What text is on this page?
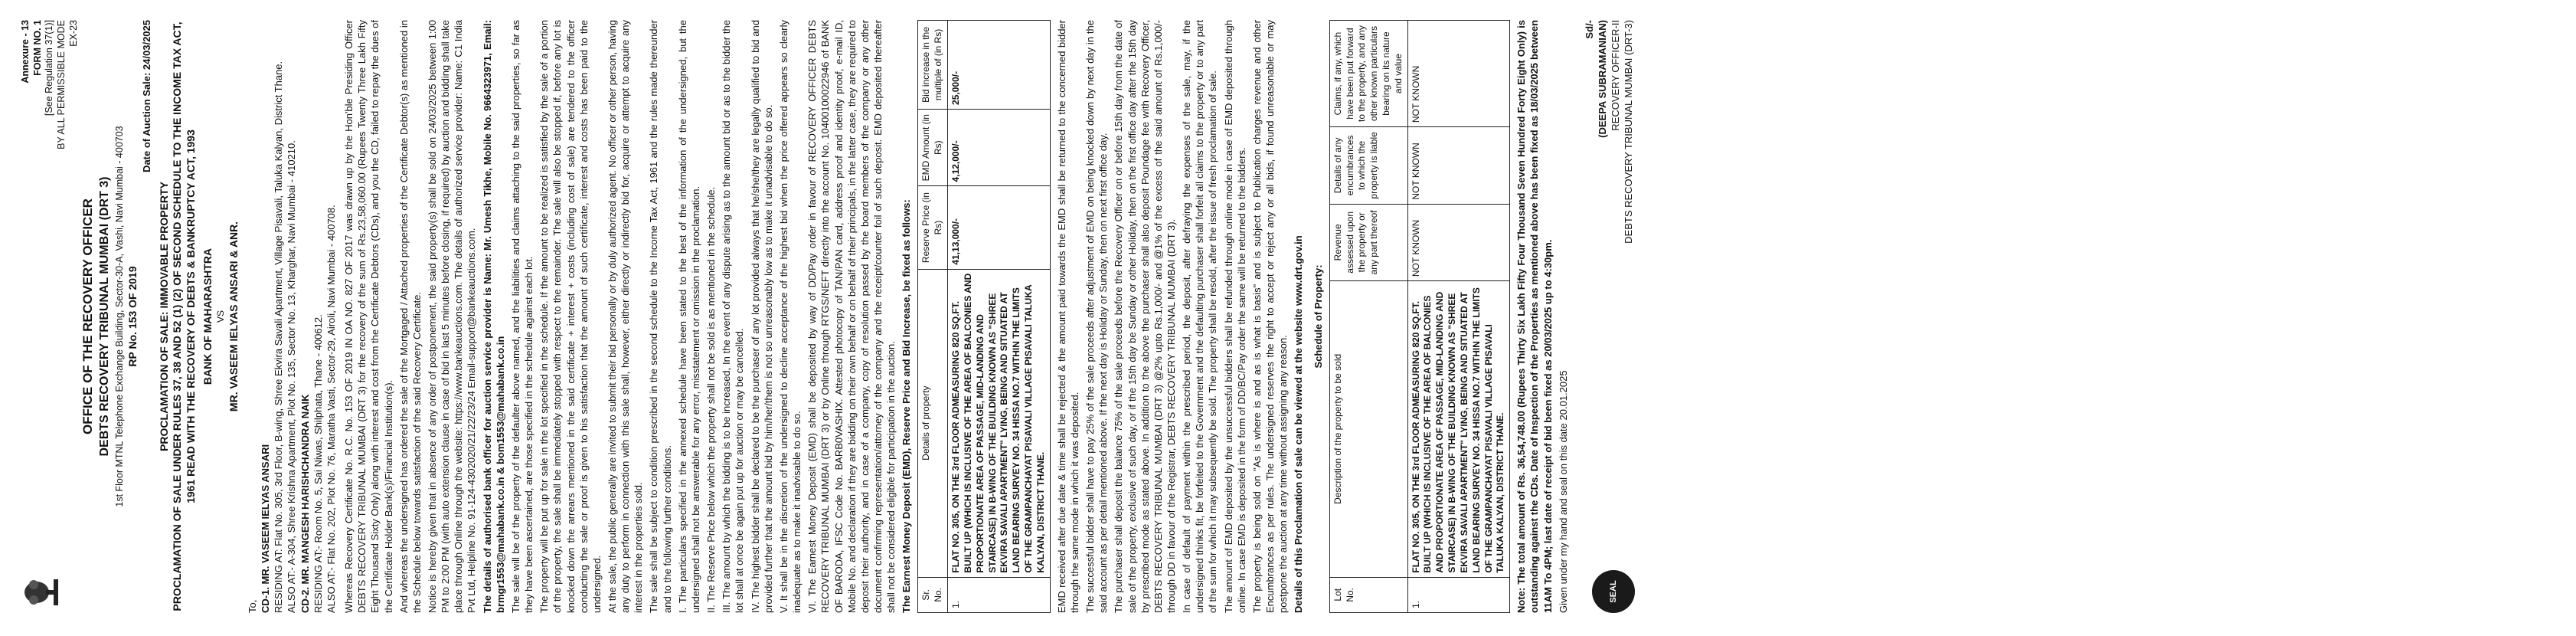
Annexure - 13 FORM NO. 1 [See Regulation 37(1)] BY ALL PERMISSIBLE MODE EX-23
OFFICE OF THE RECOVERY OFFICER DEBTS RECOVERY TRIBUNAL MUMBAI (DRT 3) 1st Floor MTNL Telephone Exchange Building, Sector-30-A, Vashi, Navi Mumbai - 400703 RP No. 153 OF 2019
Date of Auction Sale: 24/03/2025
PROCLAMATION OF SALE: IMMOVABLE PROPERTY
PROCLAMATION OF SALE UNDER RULES 37, 38 AND 52 (1) (2) OF SECOND SCHEDULE TO THE INCOME TAX ACT, 1961 READ WITH THE RECOVERY OF DEBTS & BANKRUPTCY ACT, 1993
BANK OF MAHARASHTRA VS MR. VASEEM IELYAS ANSARI & ANR.
To, CD-1. MR. VASEEM IELYAS ANSARI RESIDING AT: Flat No. 305, 3rd Floor, B-wing, Shree Ekvira Savali Apartment, Village Pisavali, Taluka Kalyan, District Thane. ALSO AT:- A-304, Shree Krishna Apartment, Plot No. 135, Sector No. 13, Kharghar, Navi Mumbai - 410210. CD-2. MR. MANGESH HARISHCHANDRA NAIK RESIDING AT:- Room No. 5, Sai Niwas, Shilphata, Thane - 400612. ALSO AT:- Flat No. 202, Plot No. 76, Maratha Vasti, Sector-29, Airoli, Navi Mumbai - 400708. Whereas Recovery Certificate No. R.C. No. 153 OF 2019 IN OA NO. 827 OF 2017 was drawn up by the Hon'ble Presiding Officer DEBTS RECOVERY TRIBUNAL MUMBAI (DRT 3) for the recovery of the sum of Rs.23,58,060.00 (Rupees Twenty Three Lakh Fifty Eight Thousand Sixty Only) along with interest and cost from the Certificate Debtors (CDs), and you the CD, failed to repay the dues of the Certificate Holder Bank(s)/Financial Institution(s). And whereas the undersigned has ordered the sale of the Mortgaged / Attached properties of the Certificate Debtor(s) as mentioned in the Schedule below towards satisfaction of the said Recovery Certificate. Notice is hereby given that in absence of any order of postponement, the said property(s) shall be sold on 24/03/2025 between 1:00 PM to 2:00 PM (with auto extension clause in case of bid in last 5 minutes before closing, if required) by auction and bidding shall take place through Online through the website: https://www.bankeauctions.com. The details of authorized service provider: Name: C1 India Pvt Ltd, Helpline No. 91-124-4302020/21/22/23/24 Email-support@bankeauctions.com. The details of authorised bank officer for auction service provider is Name: Mr. Umesh Tikhe, Mobile No. 9664323971, Email: brmgr1553@mahabank.co.in & bom1553@mahabank.co.in The sale will be of the property of the defaulter above named, and the liabilities and claims attaching to the said properties, so far as they have been ascertained, are those specified in the schedule against each lot. The property will be put up for sale in the lot specified in the schedule. If the amount to be realized is satisfied by the sale of a portion of the property, the sale shall be immediately stopped with respect to the remainder. The sale will also be stopped if, before any lot is knocked down the arrears mentioned in the said certificate + interest + costs (including cost of sale) are tendered to the officer conducting the sale or proof is given to his satisfaction that the amount of such certificate, interest and costs has been paid to the undersigned. At the sale, the public generally are invited to submit their bid personally or by duly authorized agent. No officer or other person, having any duty to perform in connection with this sale shall, however, either directly or indirectly bid for, acquire or attempt to acquire any interest in the properties sold. The sale shall be subject to condition prescribed in the second schedule to the Income Tax Act, 1961 and the rules made thereunder and to the following further conditions. I. The particulars specified in the annexed schedule have been stated to the best of the information of the undersigned, but the undersigned shall not be answerable for any error, misstatement or omission in the proclamation. II. The Reserve Price below which the property shall not be sold is as mentioned in the schedule. III. The amount by which the bidding is to be increased, In the event of any dispute arising as to the amount bid or as to the bidder the lot shall at once be again put up for auction or may be cancelled. IV. The highest bidder shall be declared to be the purchaser of any lot provided always that he/she/they are legally qualified to bid and provided further that the amount bid by him/her/them is not so unreasonably low as to make it unadvisable to do so. V. It shall be in the discretion of the undersigned to decline acceptance of the highest bid when the price offered appears so clearly inadequate as to make it inadvisable to do so. VI. The Earnest Money Deposit (EMD) shall be deposited by way of DD/Pay order in favour of RECOVERY OFFICER DEBTS RECOVERY TRIBUNAL MUMBAI (DRT 3) or by Online through RTGS/NEFT directly into the account No. 10400100022946 of BANK OF BARODA, IFSC Code No. BARB0VASHIX. Attested photocopy of TAN/PAN card, address proof and identity proof, e-mail ID, Mobile No. and declaration if they are bidding on their own behalf or on behalf of their principals, in the latter case, they are required to deposit their authority, and in case of a company, copy of resolution passed by the board members of the company or any other document confirming representation/attorney of the company and the receipt/counter foil of such deposit. EMD deposited thereafter shall not be considered eligible for participation in the auction. The Earnest Money Deposit (EMD), Reserve Price and Bid Increase, be fixed as follows: Sr. No.	Details of property	Reserve Price (in Rs)	EMD Amount (in Rs)	Bid increase in the multiple of (in Rs)
1.	FLAT NO. 305, ON THE 3rd FLOOR ADMEASURING 820 SQ.FT. BUILT UP (WHICH IS INCLUSIVE OF THE AREA OF BALCONIES AND PROPORTIONATE AREA OF PASSAGE, MID-LANDING AND STAIRCASE) IN B-WING OF THE BUILDING KNOWN AS "SHREE EKVIRA SAVALI APARTMENT" LYING, BEING AND SITUATED AT LAND BEARING SURVEY NO. 34 HISSA NO.7 WITHIN THE LIMITS OF THE GRAMPANCHAYAT PISAVALI VILLAGE PISAVALI TALUKA KALYAN, DISTRICT THANE.	41,13,000/-	4,12,000/-	25,000/-	EMD received after due date & time shall be rejected & the amount paid towards the EMD shall be returned to the concerned bidder through the same mode in which it was deposited. The successful bidder shall have to pay 25% of the sale proceeds after adjustment of EMD on being knocked down by next day in the said account as per detail mentioned above. If the next day is Holiday or Sunday, then on next first office day. The purchaser shall deposit the balance 75% of the sale proceeds before the Recovery Officer on or before 15th day from the date of sale of the property, exclusive of such day, or if the 15th day be Sunday or other Holiday, then on the first office day after the 15th day by prescribed mode as stated above. In addition to the above the purchaser shall also deposit Poundage fee with Recovery Officer, DEBTS RECOVERY TRIBUNAL MUMBAI (DRT 3) @2% upto Rs.1,000/- and @1% of the excess of the said amount of Rs.1,000/- through DD in favour of the Registrar, DEBTS RECOVERY TRIBUNAL MUMBAI (DRT 3). In case of default of payment within the prescribed period, the deposit, after defraying the expenses of the sale, may, if the undersigned thinks fit, be forfeited to the Government and the defaulting purchaser shall forfeit all claims to the property or to any part of the sum for which it may subsequently be sold. The property shall be resold, after the issue of fresh proclamation of sale. The amount of EMD deposited by the unsuccessful bidders shall be refunded through online mode in case of EMD deposited through online. In case EMD is deposited in the form of DD/BC/Pay order the same will be returned to the bidders. The property is being sold on "As is where is and as is what is basis" and is subject to Publication charges revenue and other Encumbrances as per rules. The undersigned reserves the right to accept or reject any or all bids, if found unreasonable or may postpone the auction at any time without assigning any reason. Details of this Proclamation of sale can be viewed at the website www.drt.gov.in Schedule of Property:
Lot No.	Description of the property to be sold	Revenue assessed upon the property or any part thereof	Details of any encumbrances to which the property is liable	Claims, if any, which have been put forward to the property, and any other known particulars bearing on its nature and value
1.	FLAT NO. 305, ON THE 3rd FLOOR ADMEASURING 820 SQ.FT. BUILT UP (WHICH IS INCLUSIVE OF THE AREA OF BALCONIES AND PROPORTIONATE AREA OF PASSAGE, MID-LANDING AND STAIRCASE) IN B-WING OF THE BUILDING KNOWN AS "SHREE EKVIRA SAVALI APARTMENT" LYING, BEING AND SITUATED AT LAND BEARING SURVEY NO. 34 HISSA NO.7 WITHIN THE LIMITS OF THE GRAMPANCHAYAT PISAVALI VILLAGE PISAVALI TALUKA KALYAN, DISTRICT THANE.	NOT KNOWN	NOT KNOWN	NOT KNOWN	Note: The total amount of Rs. 36,54,748.00 (Rupees Thirty Six Lakh Fifty Four Thousand Seven Hundred Forty Eight Only) is outstanding against the CDs. Date of Inspection of the Properties as mentioned above has been fixed as 18/03/2025 between 11AM To 4PM; last date of receipt of bid been fixed as 20/03/2025 up to 4:30pm. Given under my hand and seal on this date 20.01.2025	SEAL
Sd/- (DEEPA SUBRAMANIAN) RECOVERY OFFICER-II DEBTS RECOVERY TRIBUNAL MUMBAI (DRT-3)
